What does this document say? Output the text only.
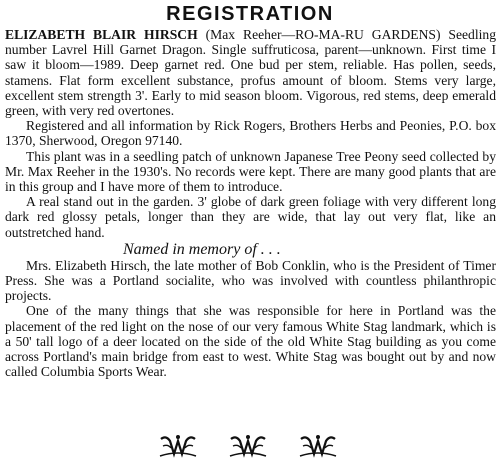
REGISTRATION

ELIZABETH BLAIR HIRSCH (Max Reeher—RO-MA-RU GARDENS) Seedling number Lavrel Hill Garnet Dragon. Single suffruticosa, parent—unknown. First time I saw it bloom—1989. Deep garnet red. One bud per stem, reliable. Has pollen, seeds, stamens. Flat form excellent substance, profus amount of bloom. Stems very large, excellent stem strength 3'. Early to mid season bloom. Vigorous, red stems, deep emerald green, with very red overtones.

Registered and all information by Rick Rogers, Brothers Herbs and Peonies, P.O. box 1370, Sherwood, Oregon 97140.

This plant was in a seedling patch of unknown Japanese Tree Peony seed collected by Mr. Max Reeher in the 1930's. No records were kept. There are many good plants that are in this group and I have more of them to introduce.

A real stand out in the garden. 3' globe of dark green foliage with very different long dark red glossy petals, longer than they are wide, that lay out very flat, like an outstretched hand.

Named in memory of . . .

Mrs. Elizabeth Hirsch, the late mother of Bob Conklin, who is the President of Timer Press. She was a Portland socialite, who was involved with countless philanthropic projects.

One of the many things that she was responsible for here in Portland was the placement of the red light on the nose of our very famous White Stag landmark, which is a 50' tall logo of a deer located on the side of the old White Stag building as you come across Portland's main bridge from east to west. White Stag was bought out by and now called Columbia Sports Wear.
